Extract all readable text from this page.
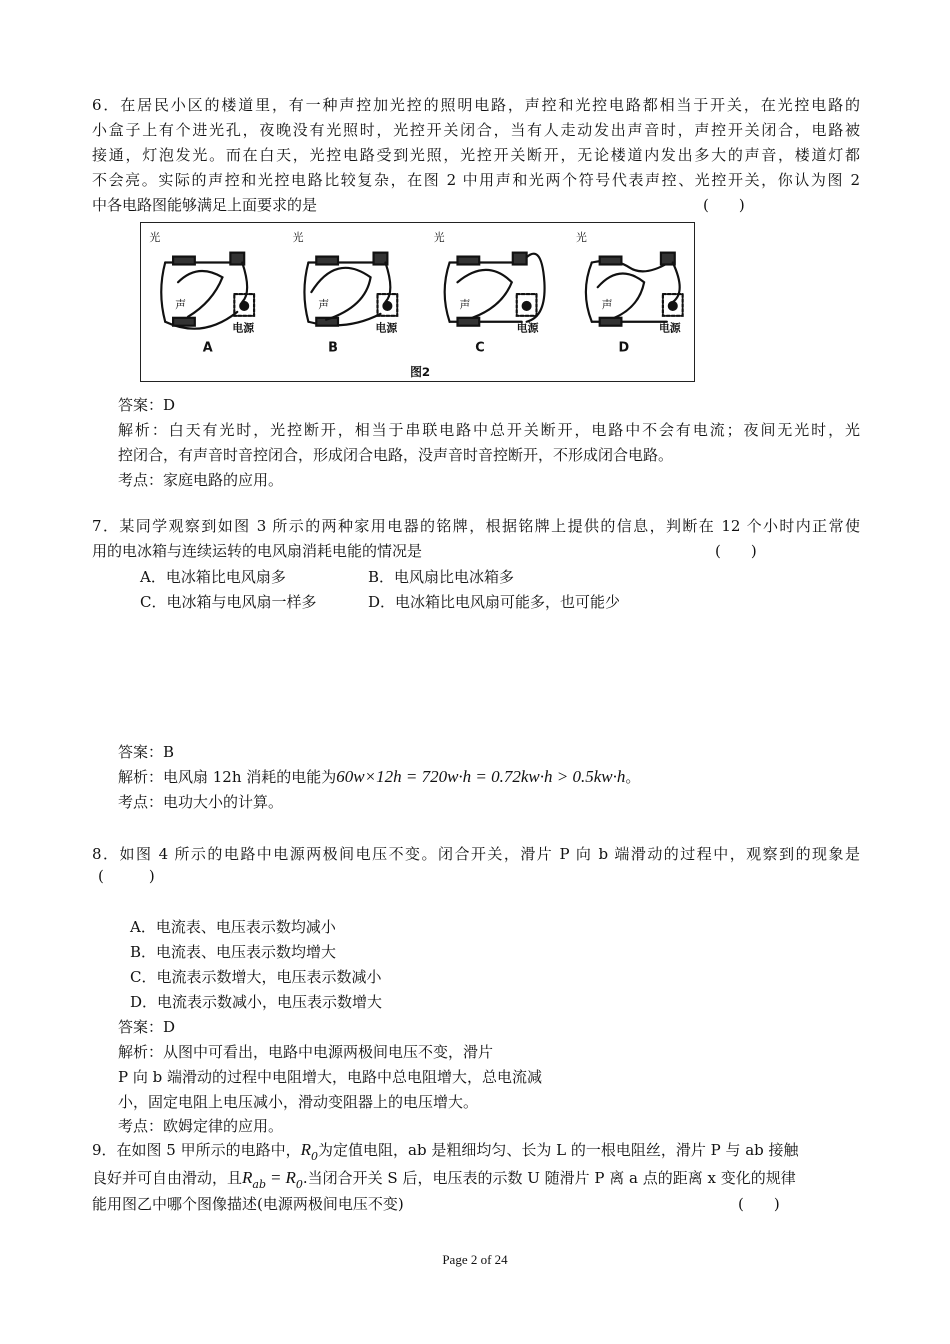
6．在居民小区的楼道里，有一种声控加光控的照明电路，声控和光控电路都相当于开关，在光控电路的
小盒子上有个进光孔，夜晚没有光照时，光控开关闭合，当有人走动发出声音时，声控开关闭合，电路被
接通，灯泡发光。而在白天，光控电路受到光照，光控开关断开，无论楼道内发出多大的声音，楼道灯都
不会亮。实际的声控和光控电路比较复杂，在图 2 中用声和光两个符号代表声控、光控开关，你认为图 2
中各电路图能够满足上面要求的是	(　　)
光	光	光	光
声	声	声	声
电源	电源	电源	电源
A	B	C	D
图2
答案：D
解析：白天有光时，光控断开，相当于串联电路中总开关断开，电路中不会有电流；夜间无光时，光
控闭合，有声音时音控闭合，形成闭合电路，没声音时音控断开，不形成闭合电路。
考点：家庭电路的应用。
7．某同学观察到如图 3 所示的两种家用电器的铭牌，根据铭牌上提供的信息，判断在 12 个小时内正常使
用的电冰箱与连续运转的电风扇消耗电能的情况是	(　　)
A．电冰箱比电风扇多	B．电风扇比电冰箱多
C．电冰箱与电风扇一样多	D．电冰箱比电风扇可能多，也可能少
答案：B
解析：电风扇 12h 消耗的电能为60w×12h = 720w·h = 0.72kw·h > 0.5kw·h。
考点：电功大小的计算。
8．如图 4 所示的电路中电源两极间电压不变。闭合开关，滑片 P 向 b 端滑动的过程中，观察到的现象是
(　　　)
A．电流表、电压表示数均减小
B．电流表、电压表示数均增大
C．电流表示数增大，电压表示数减小
D．电流表示数减小，电压表示数增大
答案：D
解析：从图中可看出，电路中电源两极间电压不变，滑片
P 向 b 端滑动的过程中电阻增大，电路中总电阻增大，总电流减
小，固定电阻上电压减小，滑动变阻器上的电压增大。
考点：欧姆定律的应用。
9．在如图 5 甲所示的电路中，$R_0$为定值电阻，ab 是粗细均匀、长为 L 的一根电阻丝，滑片 P 与 ab 接触
良好并可自由滑动，且$R_{ab} = R_0$.当闭合开关 S 后，电压表的示数 U 随滑片 P 离 a 点的距离 x 变化的规律
能用图乙中哪个图像描述(电源两极间电压不变)	(　　)
Page 2 of 24
